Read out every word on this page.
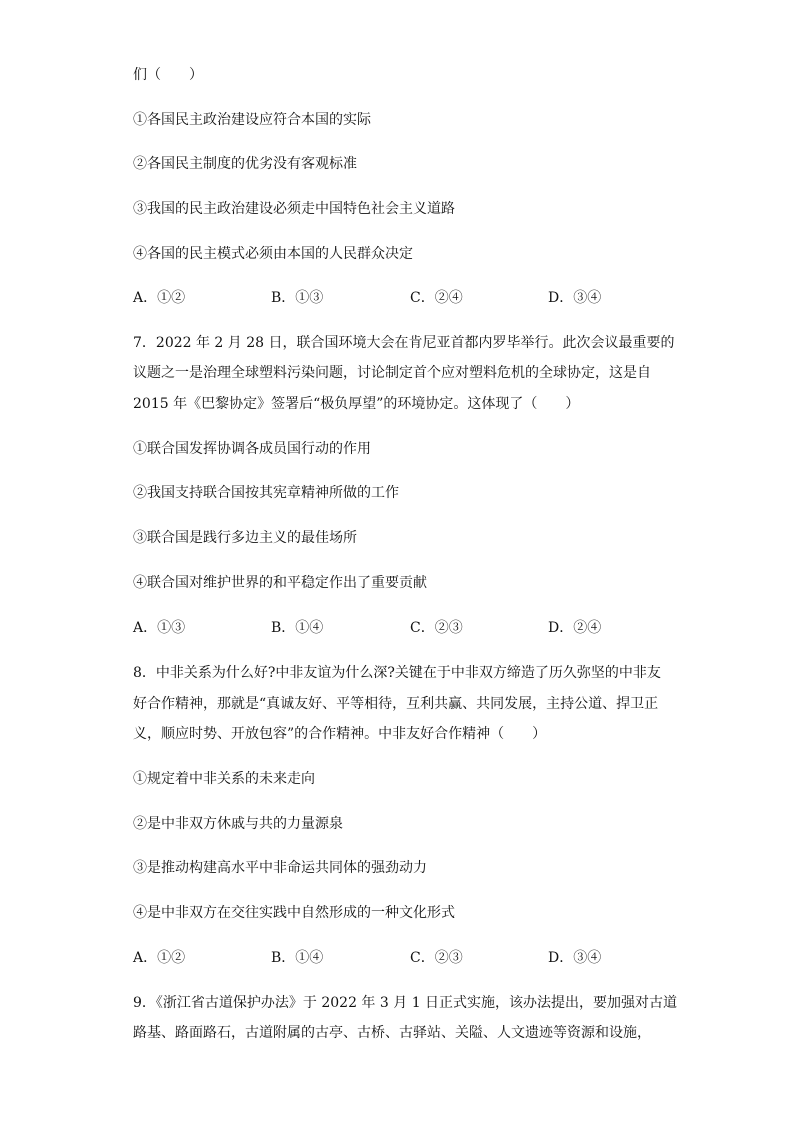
们（　　）
①各国民主政治建设应符合本国的实际
②各国民主制度的优劣没有客观标准
③我国的民主政治建设必须走中国特色社会主义道路
④各国的民主模式必须由本国的人民群众决定
A．①②	B．①③	C．②④	D．③④
7．2022 年 2 月 28 日，联合国环境大会在肯尼亚首都内罗毕举行。此次会议最重要的
议题之一是治理全球塑料污染问题，讨论制定首个应对塑料危机的全球协定，这是自
2015 年《巴黎协定》签署后“极负厚望”的环境协定。这体现了（　　）
①联合国发挥协调各成员国行动的作用
②我国支持联合国按其宪章精神所做的工作
③联合国是践行多边主义的最佳场所
④联合国对维护世界的和平稳定作出了重要贡献
A．①③	B．①④	C．②③	D．②④
8．中非关系为什么好?中非友谊为什么深?关键在于中非双方缔造了历久弥坚的中非友
好合作精神，那就是“真诚友好、平等相待，互利共赢、共同发展，主持公道、捍卫正
义，顺应时势、开放包容”的合作精神。中非友好合作精神（　　）
①规定着中非关系的未来走向
②是中非双方休戚与共的力量源泉
③是推动构建高水平中非命运共同体的强劲动力
④是中非双方在交往实践中自然形成的一种文化形式
A．①②	B．①④	C．②③	D．③④
9．《浙江省古道保护办法》于 2022 年 3 月 1 日正式实施，该办法提出，要加强对古道
路基、路面路石，古道附属的古亭、古桥、古驿站、关隘、人文遗迹等资源和设施，
